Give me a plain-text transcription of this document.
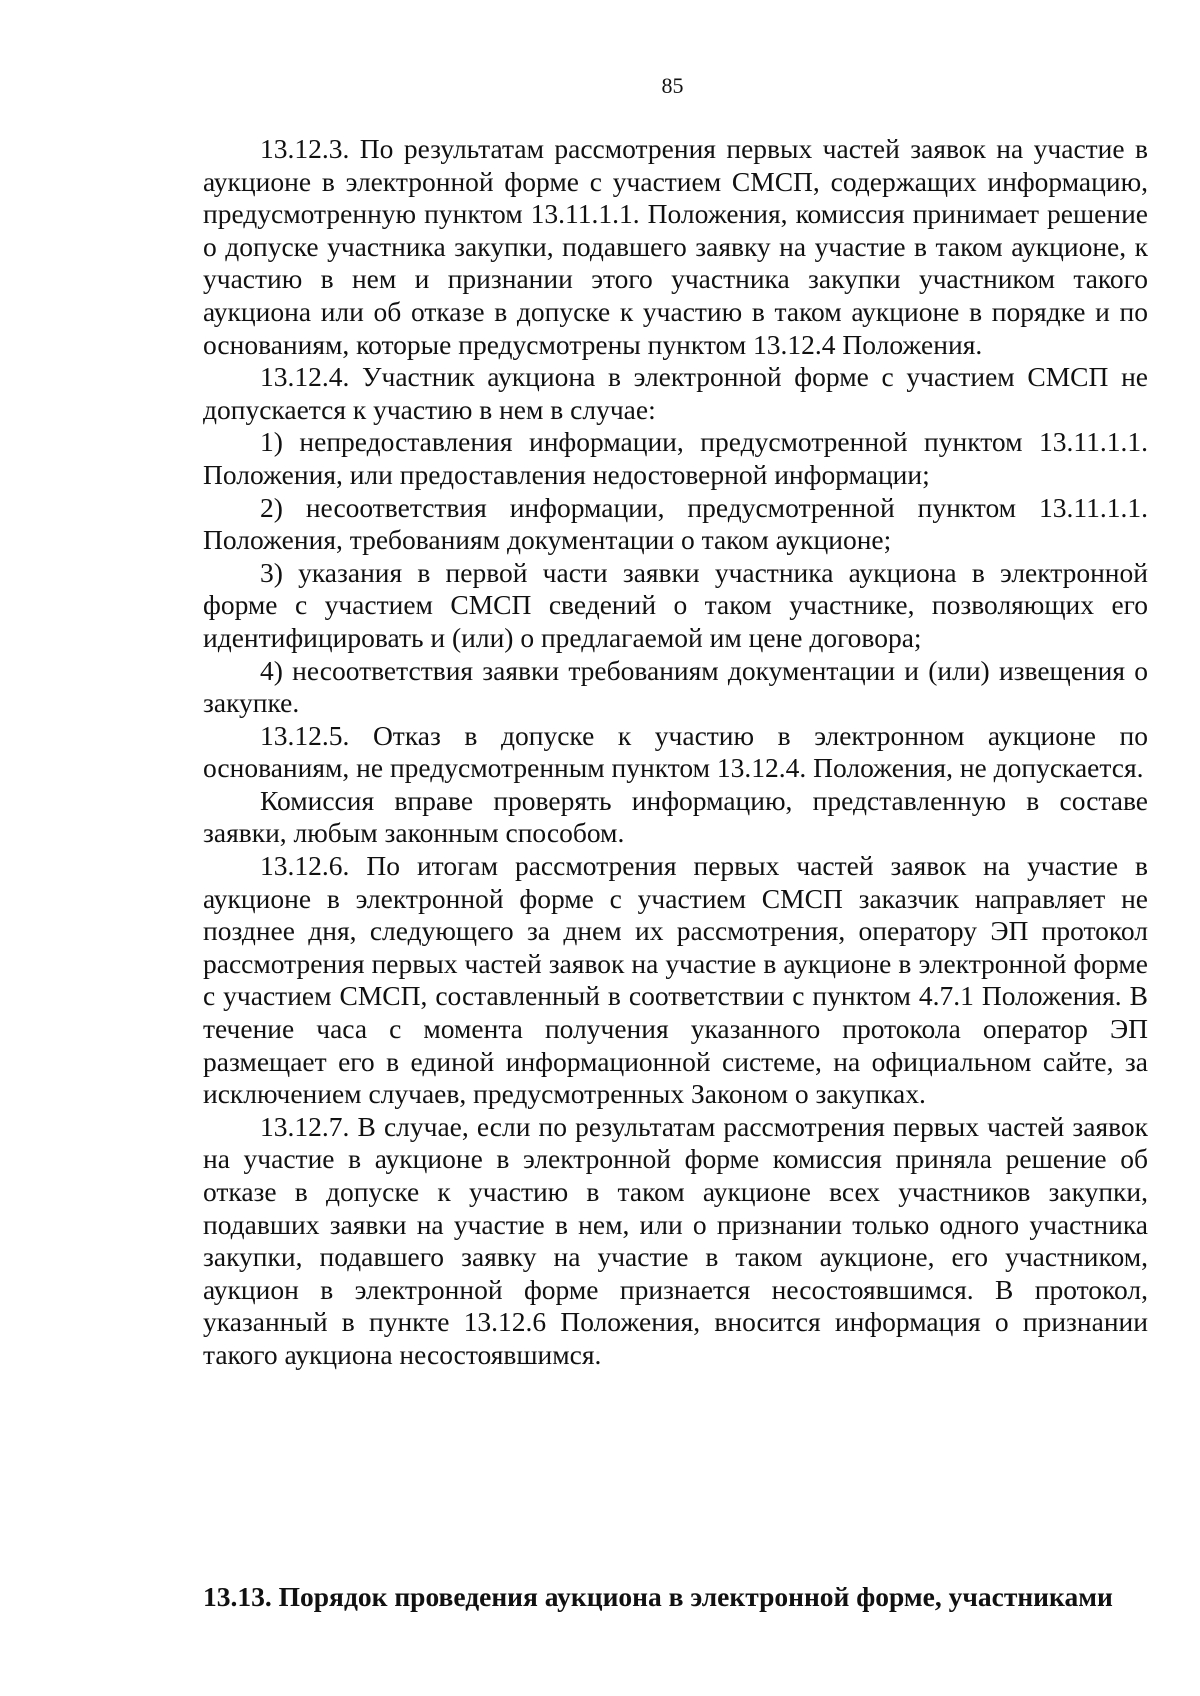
85

13.12.3. По результатам рассмотрения первых частей заявок на участие в аукционе в электронной форме с участием СМСП, содержащих информацию, предусмотренную пунктом 13.11.1.1. Положения, комиссия принимает решение о допуске участника закупки, подавшего заявку на участие в таком аукционе, к участию в нем и признании этого участника закупки участником такого аукциона или об отказе в допуске к участию в таком аукционе в порядке и по основаниям, которые предусмотрены пунктом 13.12.4 Положения.

13.12.4. Участник аукциона в электронной форме с участием СМСП не допускается к участию в нем в случае:

1) непредоставления информации, предусмотренной пунктом 13.11.1.1. Положения, или предоставления недостоверной информации;

2) несоответствия информации, предусмотренной пунктом 13.11.1.1. Положения, требованиям документации о таком аукционе;

3) указания в первой части заявки участника аукциона в электронной форме с участием СМСП сведений о таком участнике, позволяющих его идентифицировать и (или) о предлагаемой им цене договора;

4) несоответствия заявки требованиям документации и (или) извещения о закупке.

13.12.5. Отказ в допуске к участию в электронном аукционе по основаниям, не предусмотренным пунктом 13.12.4. Положения, не допускается.

Комиссия вправе проверять информацию, представленную в составе заявки, любым законным способом.

13.12.6. По итогам рассмотрения первых частей заявок на участие в аукционе в электронной форме с участием СМСП заказчик направляет не позднее дня, следующего за днем их рассмотрения, оператору ЭП протокол рассмотрения первых частей заявок на участие в аукционе в электронной форме с участием СМСП, составленный в соответствии с пунктом 4.7.1 Положения. В течение часа с момента получения указанного протокола оператор ЭП размещает его в единой информационной системе, на официальном сайте, за исключением случаев, предусмотренных Законом о закупках.

13.12.7. В случае, если по результатам рассмотрения первых частей заявок на участие в аукционе в электронной форме комиссия приняла решение об отказе в допуске к участию в таком аукционе всех участников закупки, подавших заявки на участие в нем, или о признании только одного участника закупки, подавшего заявку на участие в таком аукционе, его участником, аукцион в электронной форме признается несостоявшимся. В протокол, указанный в пункте 13.12.6 Положения, вносится информация о признании такого аукциона несостоявшимся.

13.13. Порядок проведения аукциона в электронной форме, участниками
